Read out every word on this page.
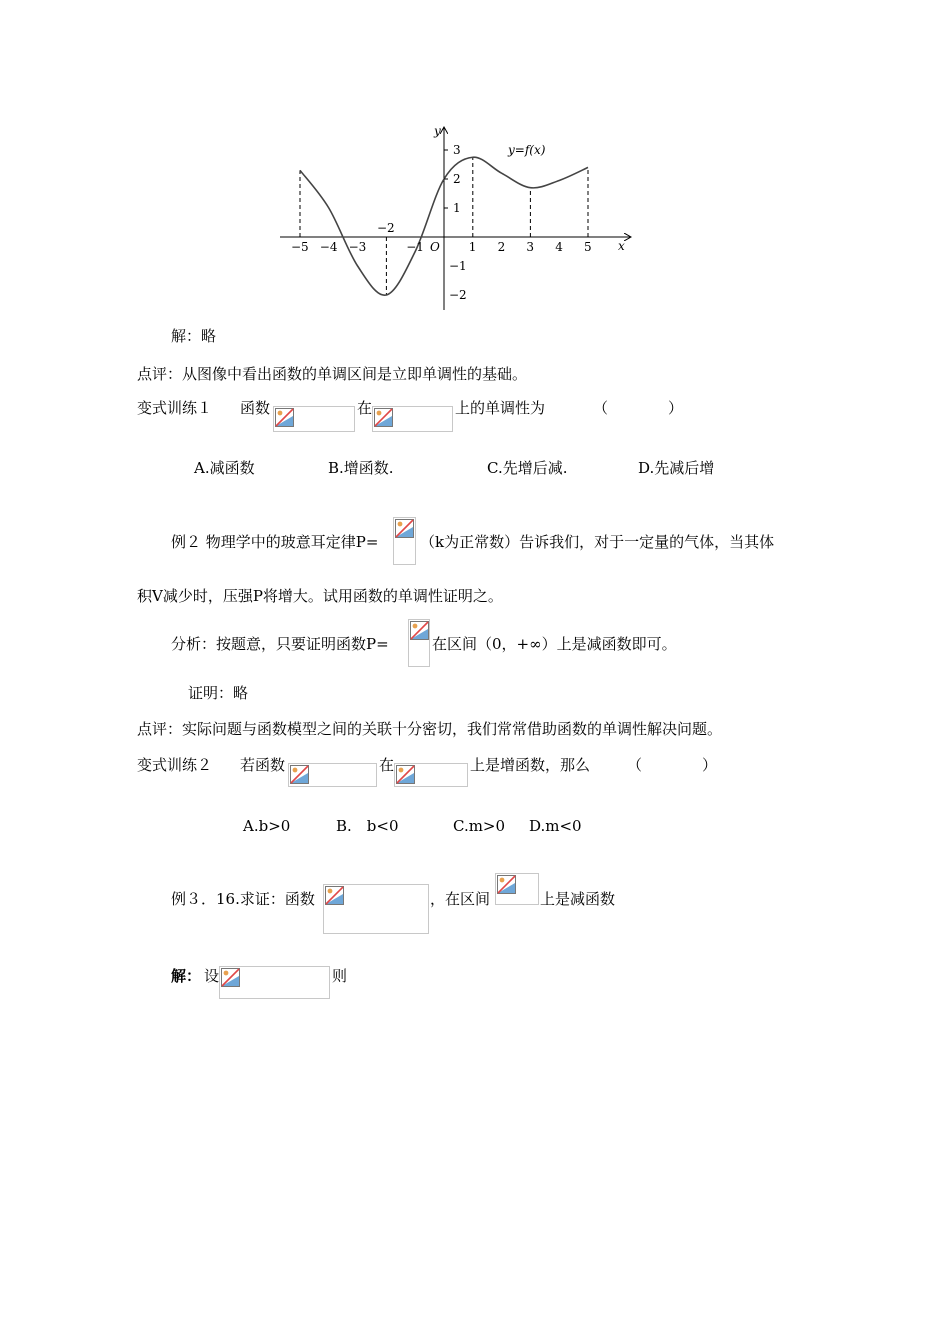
−5 −4 −3	−1	1 2 3 4 5
3
2
1
−1
−2
y
x
O
y=f(x)
−2
解：略
点评：从图像中看出函数的单调区间是立即单调性的基础。
变式训练１ 函数	在	上的单调性为	（　　　　）
A.减函数	B.增函数.	C.先增后减.	D.先减后增
例２ 物理学中的玻意耳定律P=	（k为正常数）告诉我们，对于一定量的气体，当其体
积V减少时，压强P将增大。试用函数的单调性证明之。
分析：按题意，只要证明函数P=	在区间（0，+∞）上是减函数即可。
证明：略
点评：实际问题与函数模型之间的关联十分密切，我们常常借助函数的单调性解决问题。
变式训练２ 若函数	在	上是增函数，那么 （　　　　）
A.b>0	B.　b<0	C.m>0 D.m<0
例３．16.求证：函数	，在区间	上是减函数
解： 设	则
